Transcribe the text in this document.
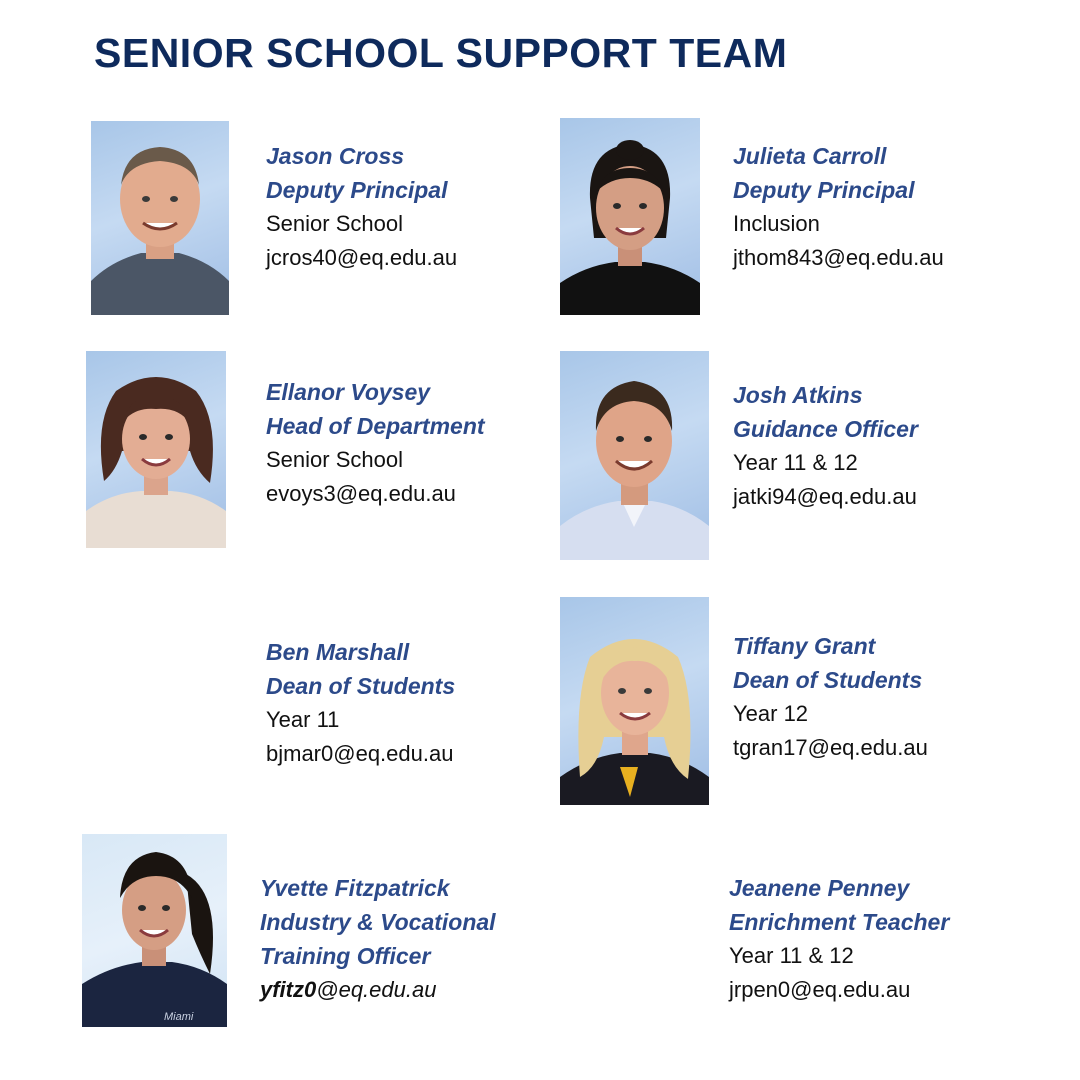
SENIOR SCHOOL SUPPORT TEAM
Jason Cross
Deputy Principal
Senior School
jcros40@eq.edu.au
Julieta Carroll
Deputy Principal
Inclusion
jthom843@eq.edu.au
Ellanor Voysey
Head of Department
Senior School
evoys3@eq.edu.au
Josh Atkins
Guidance Officer
Year 11 & 12
jatki94@eq.edu.au
Ben Marshall
Dean of Students
Year 11
bjmar0@eq.edu.au
Tiffany Grant
Dean of Students
Year 12
tgran17@eq.edu.au
Miami
Yvette Fitzpatrick
Industry & Vocational
Training Officer
yfitz0@eq.edu.au
Jeanene Penney
Enrichment Teacher
Year 11 & 12
jrpen0@eq.edu.au
